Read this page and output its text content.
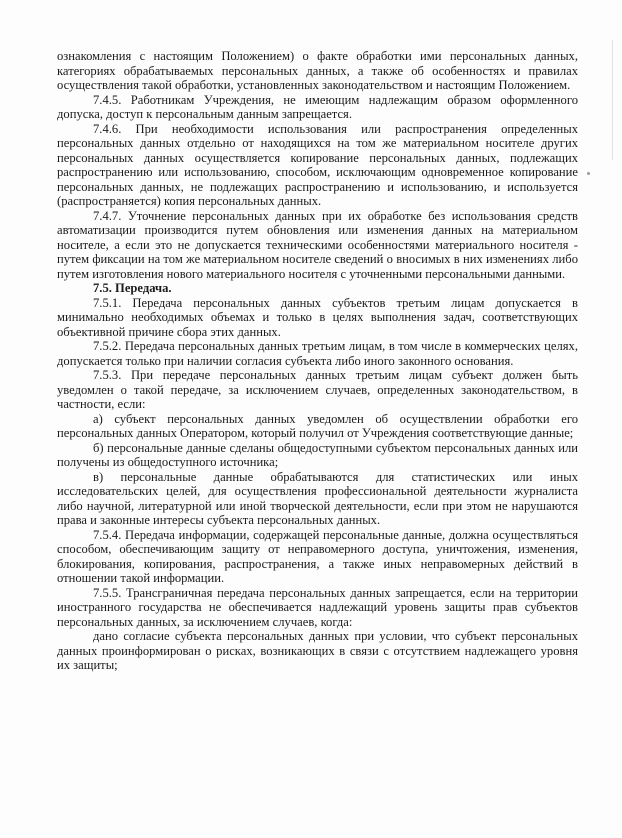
ознакомления с настоящим Положением) о факте обработки ими персональных данных, категориях обрабатываемых персональных данных, а также об особенностях и правилах осуществления такой обработки, установленных законодательством и настоящим Положением.

7.4.5. Работникам Учреждения, не имеющим надлежащим образом оформленного допуска, доступ к персональным данным запрещается.

7.4.6. При необходимости использования или распространения определенных персональных данных отдельно от находящихся на том же материальном носителе других персональных данных осуществляется копирование персональных данных, подлежащих распространению или использованию, способом, исключающим одновременное копирование персональных данных, не подлежащих распространению и использованию, и используется (распространяется) копия персональных данных.

7.4.7. Уточнение персональных данных при их обработке без использования средств автоматизации производится путем обновления или изменения данных на материальном носителе, а если это не допускается техническими особенностями материального носителя - путем фиксации на том же материальном носителе сведений о вносимых в них изменениях либо путем изготовления нового материального носителя с уточненными персональными данными.

7.5. Передача.

7.5.1. Передача персональных данных субъектов третьим лицам допускается в минимально необходимых объемах и только в целях выполнения задач, соответствующих объективной причине сбора этих данных.

7.5.2. Передача персональных данных третьим лицам, в том числе в коммерческих целях, допускается только при наличии согласия субъекта либо иного законного основания.

7.5.3. При передаче персональных данных третьим лицам субъект должен быть уведомлен о такой передаче, за исключением случаев, определенных законодательством, в частности, если:

а) субъект персональных данных уведомлен об осуществлении обработки его персональных данных Оператором, который получил от Учреждения соответствующие данные;

б) персональные данные сделаны общедоступными субъектом персональных данных или получены из общедоступного источника;

в) персональные данные обрабатываются для статистических или иных исследовательских целей, для осуществления профессиональной деятельности журналиста либо научной, литературной или иной творческой деятельности, если при этом не нарушаются права и законные интересы субъекта персональных данных.

7.5.4. Передача информации, содержащей персональные данные, должна осуществляться способом, обеспечивающим защиту от неправомерного доступа, уничтожения, изменения, блокирования, копирования, распространения, а также иных неправомерных действий в отношении такой информации.

7.5.5. Трансграничная передача персональных данных запрещается, если на территории иностранного государства не обеспечивается надлежащий уровень защиты прав субъектов персональных данных, за исключением случаев, когда:

дано согласие субъекта персональных данных при условии, что субъект персональных данных проинформирован о рисках, возникающих в связи с отсутствием надлежащего уровня их защиты;
